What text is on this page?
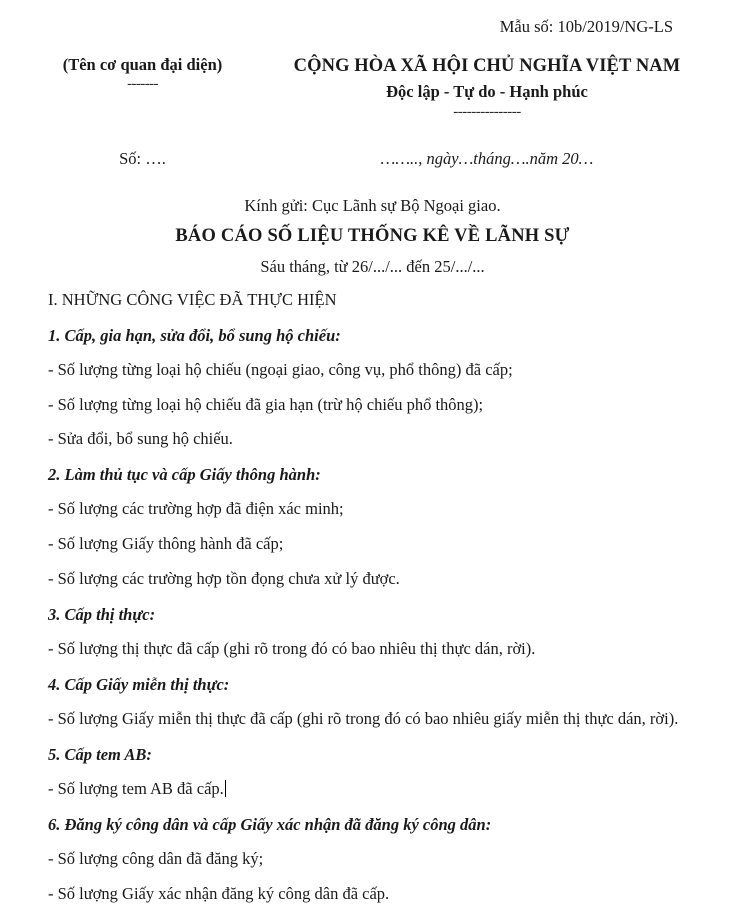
Mẫu số: 10b/2019/NG-LS
(Tên cơ quan đại diện)
-------
CỘNG HÒA XÃ HỘI CHỦ NGHĨA VIỆT NAM
Độc lập - Tự do - Hạnh phúc
---------------
Số: ….	…….., ngày…tháng….năm 20…
Kính gửi: Cục Lãnh sự Bộ Ngoại giao.
BÁO CÁO SỐ LIỆU THỐNG KÊ VỀ LÃNH SỰ
Sáu tháng, từ 26/.../... đến 25/.../...
I. NHỮNG CÔNG VIỆC ĐÃ THỰC HIỆN
1. Cấp, gia hạn, sửa đổi, bổ sung hộ chiếu:
- Số lượng từng loại hộ chiếu (ngoại giao, công vụ, phổ thông) đã cấp;
- Số lượng từng loại hộ chiếu đã gia hạn (trừ hộ chiếu phổ thông);
- Sửa đổi, bổ sung hộ chiếu.
2. Làm thủ tục và cấp Giấy thông hành:
- Số lượng các trường hợp đã điện xác minh;
- Số lượng Giấy thông hành đã cấp;
- Số lượng các trường hợp tồn đọng chưa xử lý được.
3. Cấp thị thực:
- Số lượng thị thực đã cấp (ghi rõ trong đó có bao nhiêu thị thực dán, rời).
4. Cấp Giấy miễn thị thực:
- Số lượng Giấy miễn thị thực đã cấp (ghi rõ trong đó có bao nhiêu giấy miễn thị thực dán, rời).
5. Cấp tem AB:
- Số lượng tem AB đã cấp.
6. Đăng ký công dân và cấp Giấy xác nhận đã đăng ký công dân:
- Số lượng công dân đã đăng ký;
- Số lượng Giấy xác nhận đăng ký công dân đã cấp.
